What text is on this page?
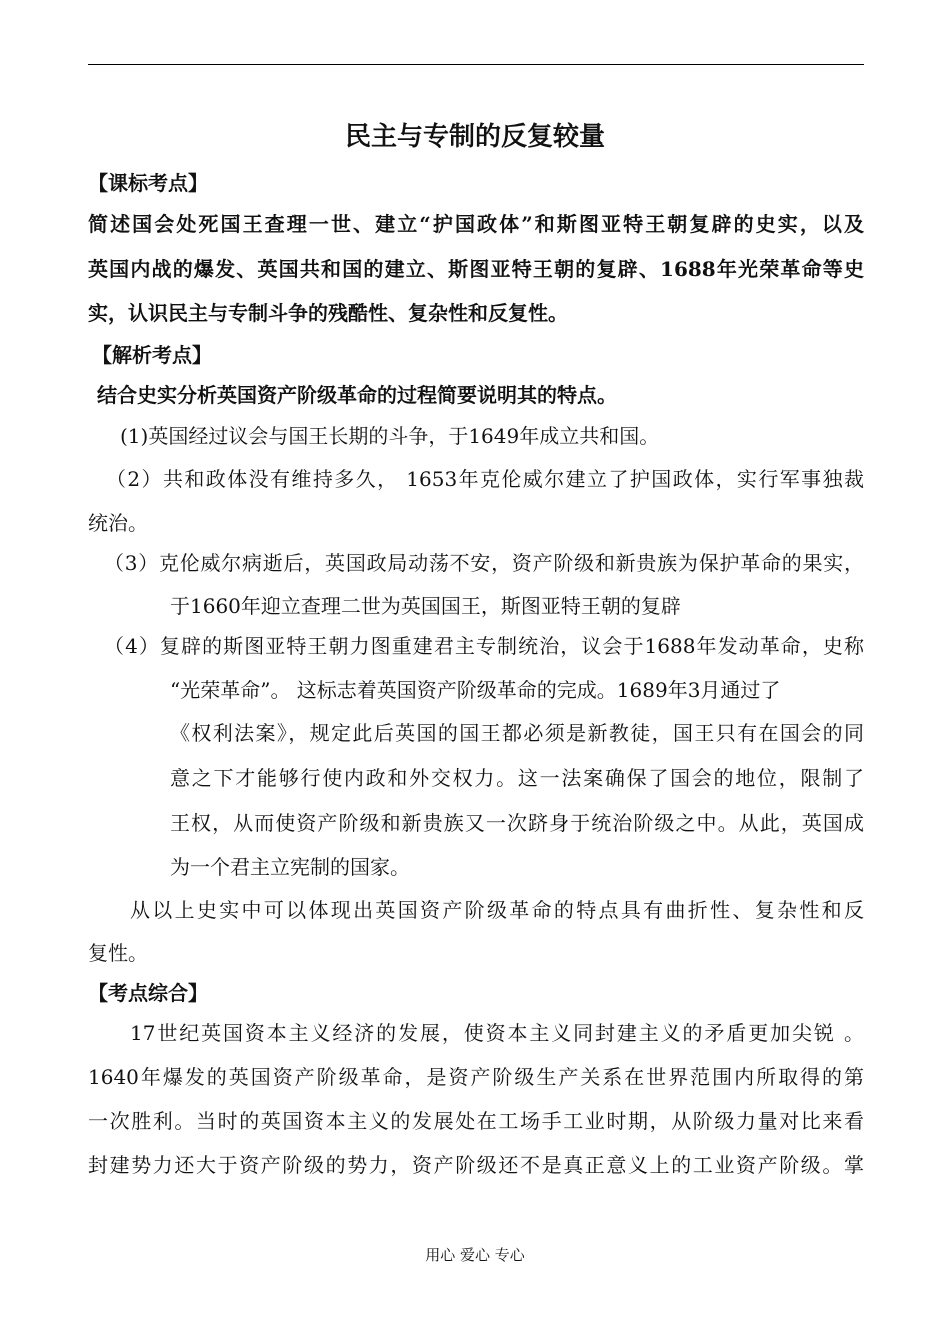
民主与专制的反复较量
【课标考点】
简述国会处死国王查理一世、建立“护国政体”和斯图亚特王朝复辟的史实，以及
英国内战的爆发、英国共和国的建立、斯图亚特王朝的复辟、1688年光荣革命等史
实，认识民主与专制斗争的残酷性、复杂性和反复性。
【解析考点】
结合史实分析英国资产阶级革命的过程简要说明其的特点。
(1)英国经过议会与国王长期的斗争，于1649年成立共和国。
（2）共和政体没有维持多久， 1653年克伦威尔建立了护国政体，实行军事独裁
统治。
（3）克伦威尔病逝后，英国政局动荡不安，资产阶级和新贵族为保护革命的果实，
于1660年迎立查理二世为英国国王，斯图亚特王朝的复辟
（4）复辟的斯图亚特王朝力图重建君主专制统治，议会于1688年发动革命，史称
“光荣革命”。 这标志着英国资产阶级革命的完成。1689年3月通过了
《权利法案》，规定此后英国的国王都必须是新教徒，国王只有在国会的同
意之下才能够行使内政和外交权力。这一法案确保了国会的地位，限制了
王权，从而使资产阶级和新贵族又一次跻身于统治阶级之中。从此，英国成
为一个君主立宪制的国家。
从以上史实中可以体现出英国资产阶级革命的特点具有曲折性、复杂性和反
复性。
【考点综合】
17世纪英国资本主义经济的发展，使资本主义同封建主义的矛盾更加尖锐 。
1640年爆发的英国资产阶级革命，是资产阶级生产关系在世界范围内所取得的第
一次胜利。当时的英国资本主义的发展处在工场手工业时期，从阶级力量对比来看
封建势力还大于资产阶级的势力，资产阶级还不是真正意义上的工业资产阶级。掌
用心 爱心 专心
